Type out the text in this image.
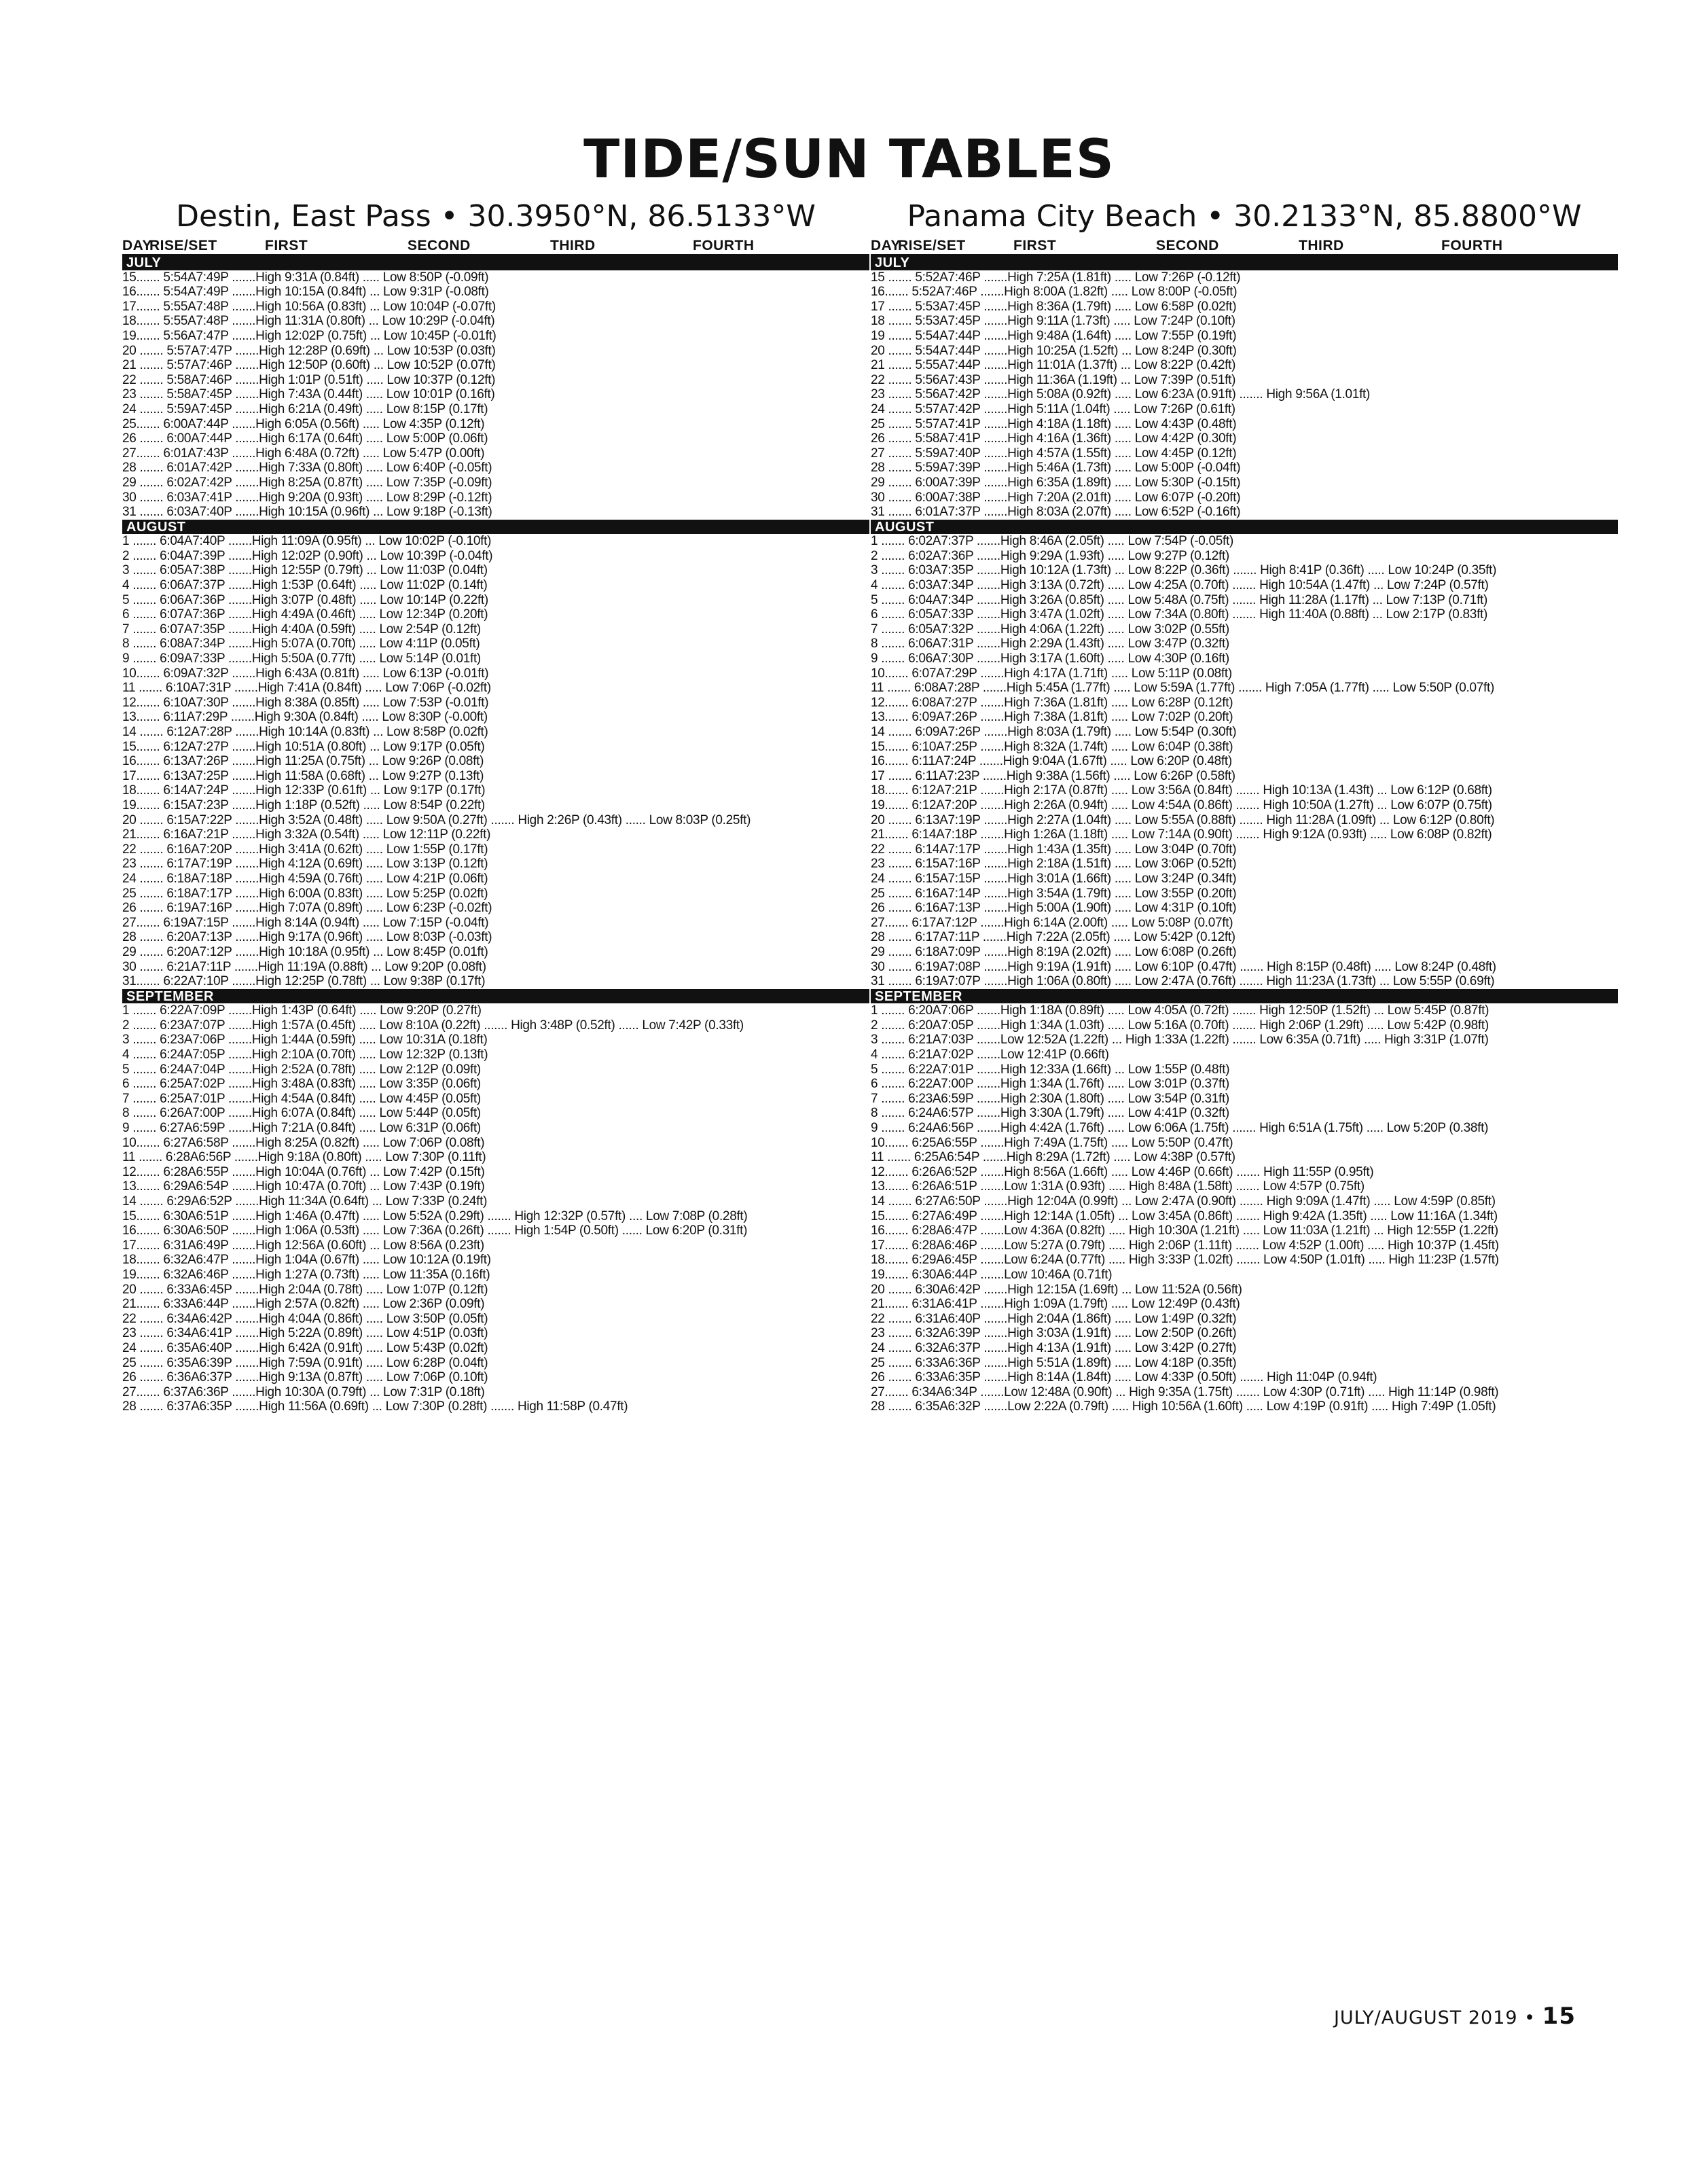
TIDE/SUN TABLES
Destin, East Pass • 30.3950°N, 86.5133°W
DAY
RISE/SET	FIRST	SECOND	THIRD	FOURTH
JULY
15....... 5:54A7:49P .......High 9:31A (0.84ft) ..... Low 8:50P (-0.09ft)
16....... 5:54A7:49P .......High 10:15A (0.84ft) ... Low 9:31P (-0.08ft)
17....... 5:55A7:48P .......High 10:56A (0.83ft) ... Low 10:04P (-0.07ft)
18....... 5:55A7:48P .......High 11:31A (0.80ft) ... Low 10:29P (-0.04ft)
19....... 5:56A7:47P .......High 12:02P (0.75ft) ... Low 10:45P (-0.01ft)
20 ....... 5:57A7:47P .......High 12:28P (0.69ft) ... Low 10:53P (0.03ft)
21 ....... 5:57A7:46P .......High 12:50P (0.60ft) ... Low 10:52P (0.07ft)
22 ....... 5:58A7:46P .......High 1:01P (0.51ft) ..... Low 10:37P (0.12ft)
23 ....... 5:58A7:45P .......High 7:43A (0.44ft) ..... Low 10:01P (0.16ft)
24 ....... 5:59A7:45P .......High 6:21A (0.49ft) ..... Low 8:15P (0.17ft)
25....... 6:00A7:44P .......High 6:05A (0.56ft) ..... Low 4:35P (0.12ft)
26 ....... 6:00A7:44P .......High 6:17A (0.64ft) ..... Low 5:00P (0.06ft)
27....... 6:01A7:43P .......High 6:48A (0.72ft) ..... Low 5:47P (0.00ft)
28 ....... 6:01A7:42P .......High 7:33A (0.80ft) ..... Low 6:40P (-0.05ft)
29 ....... 6:02A7:42P .......High 8:25A (0.87ft) ..... Low 7:35P (-0.09ft)
30 ....... 6:03A7:41P .......High 9:20A (0.93ft) ..... Low 8:29P (-0.12ft)
31 ....... 6:03A7:40P .......High 10:15A (0.96ft) ... Low 9:18P (-0.13ft)
AUGUST
1 ....... 6:04A7:40P .......High 11:09A (0.95ft) ... Low 10:02P (-0.10ft)
2 ....... 6:04A7:39P .......High 12:02P (0.90ft) ... Low 10:39P (-0.04ft)
3 ....... 6:05A7:38P .......High 12:55P (0.79ft) ... Low 11:03P (0.04ft)
4 ....... 6:06A7:37P .......High 1:53P (0.64ft) ..... Low 11:02P (0.14ft)
5 ....... 6:06A7:36P .......High 3:07P (0.48ft) ..... Low 10:14P (0.22ft)
6 ....... 6:07A7:36P .......High 4:49A (0.46ft) ..... Low 12:34P (0.20ft)
7 ....... 6:07A7:35P .......High 4:40A (0.59ft) ..... Low 2:54P (0.12ft)
8 ....... 6:08A7:34P .......High 5:07A (0.70ft) ..... Low 4:11P (0.05ft)
9 ....... 6:09A7:33P .......High 5:50A (0.77ft) ..... Low 5:14P (0.01ft)
10....... 6:09A7:32P .......High 6:43A (0.81ft) ..... Low 6:13P (-0.01ft)
11 ....... 6:10A7:31P .......High 7:41A (0.84ft) ..... Low 7:06P (-0.02ft)
12....... 6:10A7:30P .......High 8:38A (0.85ft) ..... Low 7:53P (-0.01ft)
13....... 6:11A7:29P .......High 9:30A (0.84ft) ..... Low 8:30P (-0.00ft)
14 ....... 6:12A7:28P .......High 10:14A (0.83ft) ... Low 8:58P (0.02ft)
15....... 6:12A7:27P .......High 10:51A (0.80ft) ... Low 9:17P (0.05ft)
16....... 6:13A7:26P .......High 11:25A (0.75ft) ... Low 9:26P (0.08ft)
17....... 6:13A7:25P .......High 11:58A (0.68ft) ... Low 9:27P (0.13ft)
18....... 6:14A7:24P .......High 12:33P (0.61ft) ... Low 9:17P (0.17ft)
19....... 6:15A7:23P .......High 1:18P (0.52ft) ..... Low 8:54P (0.22ft)
20 ....... 6:15A7:22P .......High 3:52A (0.48ft) ..... Low 9:50A (0.27ft) ....... High 2:26P (0.43ft) ...... Low 8:03P (0.25ft)
21....... 6:16A7:21P .......High 3:32A (0.54ft) ..... Low 12:11P (0.22ft)
22 ....... 6:16A7:20P .......High 3:41A (0.62ft) ..... Low 1:55P (0.17ft)
23 ....... 6:17A7:19P .......High 4:12A (0.69ft) ..... Low 3:13P (0.12ft)
24 ....... 6:18A7:18P .......High 4:59A (0.76ft) ..... Low 4:21P (0.06ft)
25 ....... 6:18A7:17P .......High 6:00A (0.83ft) ..... Low 5:25P (0.02ft)
26 ....... 6:19A7:16P .......High 7:07A (0.89ft) ..... Low 6:23P (-0.02ft)
27....... 6:19A7:15P .......High 8:14A (0.94ft) ..... Low 7:15P (-0.04ft)
28 ....... 6:20A7:13P .......High 9:17A (0.96ft) ..... Low 8:03P (-0.03ft)
29 ....... 6:20A7:12P .......High 10:18A (0.95ft) ... Low 8:45P (0.01ft)
30 ....... 6:21A7:11P .......High 11:19A (0.88ft) ... Low 9:20P (0.08ft)
31....... 6:22A7:10P .......High 12:25P (0.78ft) ... Low 9:38P (0.17ft)
SEPTEMBER
1 ....... 6:22A7:09P .......High 1:43P (0.64ft) ..... Low 9:20P (0.27ft)
2 ....... 6:23A7:07P .......High 1:57A (0.45ft) ..... Low 8:10A (0.22ft) ....... High 3:48P (0.52ft) ...... Low 7:42P (0.33ft)
3 ....... 6:23A7:06P .......High 1:44A (0.59ft) ..... Low 10:31A (0.18ft)
4 ....... 6:24A7:05P .......High 2:10A (0.70ft) ..... Low 12:32P (0.13ft)
5 ....... 6:24A7:04P .......High 2:52A (0.78ft) ..... Low 2:12P (0.09ft)
6 ....... 6:25A7:02P .......High 3:48A (0.83ft) ..... Low 3:35P (0.06ft)
7 ....... 6:25A7:01P .......High 4:54A (0.84ft) ..... Low 4:45P (0.05ft)
8 ....... 6:26A7:00P .......High 6:07A (0.84ft) ..... Low 5:44P (0.05ft)
9 ....... 6:27A6:59P .......High 7:21A (0.84ft) ..... Low 6:31P (0.06ft)
10....... 6:27A6:58P .......High 8:25A (0.82ft) ..... Low 7:06P (0.08ft)
11 ....... 6:28A6:56P .......High 9:18A (0.80ft) ..... Low 7:30P (0.11ft)
12....... 6:28A6:55P .......High 10:04A (0.76ft) ... Low 7:42P (0.15ft)
13....... 6:29A6:54P .......High 10:47A (0.70ft) ... Low 7:43P (0.19ft)
14 ....... 6:29A6:52P .......High 11:34A (0.64ft) ... Low 7:33P (0.24ft)
15....... 6:30A6:51P .......High 1:46A (0.47ft) ..... Low 5:52A (0.29ft) ....... High 12:32P (0.57ft) .... Low 7:08P (0.28ft)
16....... 6:30A6:50P .......High 1:06A (0.53ft) ..... Low 7:36A (0.26ft) ....... High 1:54P (0.50ft) ...... Low 6:20P (0.31ft)
17....... 6:31A6:49P .......High 12:56A (0.60ft) ... Low 8:56A (0.23ft)
18....... 6:32A6:47P .......High 1:04A (0.67ft) ..... Low 10:12A (0.19ft)
19....... 6:32A6:46P .......High 1:27A (0.73ft) ..... Low 11:35A (0.16ft)
20 ....... 6:33A6:45P .......High 2:04A (0.78ft) ..... Low 1:07P (0.12ft)
21....... 6:33A6:44P .......High 2:57A (0.82ft) ..... Low 2:36P (0.09ft)
22 ....... 6:34A6:42P .......High 4:04A (0.86ft) ..... Low 3:50P (0.05ft)
23 ....... 6:34A6:41P .......High 5:22A (0.89ft) ..... Low 4:51P (0.03ft)
24 ....... 6:35A6:40P .......High 6:42A (0.91ft) ..... Low 5:43P (0.02ft)
25 ....... 6:35A6:39P .......High 7:59A (0.91ft) ..... Low 6:28P (0.04ft)
26 ....... 6:36A6:37P .......High 9:13A (0.87ft) ..... Low 7:06P (0.10ft)
27....... 6:37A6:36P .......High 10:30A (0.79ft) ... Low 7:31P (0.18ft)
28 ....... 6:37A6:35P .......High 11:56A (0.69ft) ... Low 7:30P (0.28ft) ....... High 11:58P (0.47ft)
Panama City Beach • 30.2133°N, 85.8800°W
DAY
RISE/SET	FIRST	SECOND	THIRD	FOURTH
JULY
15 ....... 5:52A7:46P .......High 7:25A (1.81ft) ..... Low 7:26P (-0.12ft)
16....... 5:52A7:46P .......High 8:00A (1.82ft) ..... Low 8:00P (-0.05ft)
17 ....... 5:53A7:45P .......High 8:36A (1.79ft) ..... Low 6:58P (0.02ft)
18 ....... 5:53A7:45P .......High 9:11A (1.73ft) ..... Low 7:24P (0.10ft)
19 ....... 5:54A7:44P .......High 9:48A (1.64ft) ..... Low 7:55P (0.19ft)
20 ....... 5:54A7:44P .......High 10:25A (1.52ft) ... Low 8:24P (0.30ft)
21 ....... 5:55A7:44P .......High 11:01A (1.37ft) ... Low 8:22P (0.42ft)
22 ....... 5:56A7:43P .......High 11:36A (1.19ft) ... Low 7:39P (0.51ft)
23 ....... 5:56A7:42P .......High 5:08A (0.92ft) ..... Low 6:23A (0.91ft) ....... High 9:56A (1.01ft)
24 ....... 5:57A7:42P .......High 5:11A (1.04ft) ..... Low 7:26P (0.61ft)
25 ....... 5:57A7:41P .......High 4:18A (1.18ft) ..... Low 4:43P (0.48ft)
26 ....... 5:58A7:41P .......High 4:16A (1.36ft) ..... Low 4:42P (0.30ft)
27 ....... 5:59A7:40P .......High 4:57A (1.55ft) ..... Low 4:45P (0.12ft)
28 ....... 5:59A7:39P .......High 5:46A (1.73ft) ..... Low 5:00P (-0.04ft)
29 ....... 6:00A7:39P .......High 6:35A (1.89ft) ..... Low 5:30P (-0.15ft)
30 ....... 6:00A7:38P .......High 7:20A (2.01ft) ..... Low 6:07P (-0.20ft)
31 ....... 6:01A7:37P .......High 8:03A (2.07ft) ..... Low 6:52P (-0.16ft)
AUGUST
1 ....... 6:02A7:37P .......High 8:46A (2.05ft) ..... Low 7:54P (-0.05ft)
2 ....... 6:02A7:36P .......High 9:29A (1.93ft) ..... Low 9:27P (0.12ft)
3 ....... 6:03A7:35P .......High 10:12A (1.73ft) ... Low 8:22P (0.36ft) ....... High 8:41P (0.36ft) ..... Low 10:24P (0.35ft)
4 ....... 6:03A7:34P .......High 3:13A (0.72ft) ..... Low 4:25A (0.70ft) ....... High 10:54A (1.47ft) ... Low 7:24P (0.57ft)
5 ....... 6:04A7:34P .......High 3:26A (0.85ft) ..... Low 5:48A (0.75ft) ....... High 11:28A (1.17ft) ... Low 7:13P (0.71ft)
6 ....... 6:05A7:33P .......High 3:47A (1.02ft) ..... Low 7:34A (0.80ft) ....... High 11:40A (0.88ft) ... Low 2:17P (0.83ft)
7 ....... 6:05A7:32P .......High 4:06A (1.22ft) ..... Low 3:02P (0.55ft)
8 ....... 6:06A7:31P .......High 2:29A (1.43ft) ..... Low 3:47P (0.32ft)
9 ....... 6:06A7:30P .......High 3:17A (1.60ft) ..... Low 4:30P (0.16ft)
10....... 6:07A7:29P .......High 4:17A (1.71ft) ..... Low 5:11P (0.08ft)
11 ....... 6:08A7:28P .......High 5:45A (1.77ft) ..... Low 5:59A (1.77ft) ....... High 7:05A (1.77ft) ..... Low 5:50P (0.07ft)
12....... 6:08A7:27P .......High 7:36A (1.81ft) ..... Low 6:28P (0.12ft)
13....... 6:09A7:26P .......High 7:38A (1.81ft) ..... Low 7:02P (0.20ft)
14 ....... 6:09A7:26P .......High 8:03A (1.79ft) ..... Low 5:54P (0.30ft)
15....... 6:10A7:25P .......High 8:32A (1.74ft) ..... Low 6:04P (0.38ft)
16....... 6:11A7:24P .......High 9:04A (1.67ft) ..... Low 6:20P (0.48ft)
17 ....... 6:11A7:23P .......High 9:38A (1.56ft) ..... Low 6:26P (0.58ft)
18....... 6:12A7:21P .......High 2:17A (0.87ft) ..... Low 3:56A (0.84ft) ....... High 10:13A (1.43ft) ... Low 6:12P (0.68ft)
19....... 6:12A7:20P .......High 2:26A (0.94ft) ..... Low 4:54A (0.86ft) ....... High 10:50A (1.27ft) ... Low 6:07P (0.75ft)
20 ....... 6:13A7:19P .......High 2:27A (1.04ft) ..... Low 5:55A (0.88ft) ....... High 11:28A (1.09ft) ... Low 6:12P (0.80ft)
21....... 6:14A7:18P .......High 1:26A (1.18ft) ..... Low 7:14A (0.90ft) ....... High 9:12A (0.93ft) ..... Low 6:08P (0.82ft)
22 ....... 6:14A7:17P .......High 1:43A (1.35ft) ..... Low 3:04P (0.70ft)
23 ....... 6:15A7:16P .......High 2:18A (1.51ft) ..... Low 3:06P (0.52ft)
24 ....... 6:15A7:15P .......High 3:01A (1.66ft) ..... Low 3:24P (0.34ft)
25 ....... 6:16A7:14P .......High 3:54A (1.79ft) ..... Low 3:55P (0.20ft)
26 ....... 6:16A7:13P .......High 5:00A (1.90ft) ..... Low 4:31P (0.10ft)
27....... 6:17A7:12P .......High 6:14A (2.00ft) ..... Low 5:08P (0.07ft)
28 ....... 6:17A7:11P .......High 7:22A (2.05ft) ..... Low 5:42P (0.12ft)
29 ....... 6:18A7:09P .......High 8:19A (2.02ft) ..... Low 6:08P (0.26ft)
30 ....... 6:19A7:08P .......High 9:19A (1.91ft) ..... Low 6:10P (0.47ft) ....... High 8:15P (0.48ft) ..... Low 8:24P (0.48ft)
31 ....... 6:19A7:07P .......High 1:06A (0.80ft) ..... Low 2:47A (0.76ft) ....... High 11:23A (1.73ft) ... Low 5:55P (0.69ft)
SEPTEMBER
1 ....... 6:20A7:06P .......High 1:18A (0.89ft) ..... Low 4:05A (0.72ft) ....... High 12:50P (1.52ft) ... Low 5:45P (0.87ft)
2 ....... 6:20A7:05P .......High 1:34A (1.03ft) ..... Low 5:16A (0.70ft) ....... High 2:06P (1.29ft) ..... Low 5:42P (0.98ft)
3 ....... 6:21A7:03P .......Low 12:52A (1.22ft) ... High 1:33A (1.22ft) ....... Low 6:35A (0.71ft) ..... High 3:31P (1.07ft)
4 ....... 6:21A7:02P .......Low 12:41P (0.66ft)
5 ....... 6:22A7:01P .......High 12:33A (1.66ft) ... Low 1:55P (0.48ft)
6 ....... 6:22A7:00P .......High 1:34A (1.76ft) ..... Low 3:01P (0.37ft)
7 ....... 6:23A6:59P .......High 2:30A (1.80ft) ..... Low 3:54P (0.31ft)
8 ....... 6:24A6:57P .......High 3:30A (1.79ft) ..... Low 4:41P (0.32ft)
9 ....... 6:24A6:56P .......High 4:42A (1.76ft) ..... Low 6:06A (1.75ft) ....... High 6:51A (1.75ft) ..... Low 5:20P (0.38ft)
10....... 6:25A6:55P .......High 7:49A (1.75ft) ..... Low 5:50P (0.47ft)
11 ....... 6:25A6:54P .......High 8:29A (1.72ft) ..... Low 4:38P (0.57ft)
12....... 6:26A6:52P .......High 8:56A (1.66ft) ..... Low 4:46P (0.66ft) ....... High 11:55P (0.95ft)
13....... 6:26A6:51P .......Low 1:31A (0.93ft) ..... High 8:48A (1.58ft) ....... Low 4:57P (0.75ft)
14 ....... 6:27A6:50P .......High 12:04A (0.99ft) ... Low 2:47A (0.90ft) ....... High 9:09A (1.47ft) ..... Low 4:59P (0.85ft)
15....... 6:27A6:49P .......High 12:14A (1.05ft) ... Low 3:45A (0.86ft) ....... High 9:42A (1.35ft) ..... Low 11:16A (1.34ft)
16....... 6:28A6:47P .......Low 4:36A (0.82ft) ..... High 10:30A (1.21ft) ..... Low 11:03A (1.21ft) ... High 12:55P (1.22ft)
17....... 6:28A6:46P .......Low 5:27A (0.79ft) ..... High 2:06P (1.11ft) ....... Low 4:52P (1.00ft) ..... High 10:37P (1.45ft)
18....... 6:29A6:45P .......Low 6:24A (0.77ft) ..... High 3:33P (1.02ft) ....... Low 4:50P (1.01ft) ..... High 11:23P (1.57ft)
19....... 6:30A6:44P .......Low 10:46A (0.71ft)
20 ....... 6:30A6:42P .......High 12:15A (1.69ft) ... Low 11:52A (0.56ft)
21....... 6:31A6:41P .......High 1:09A (1.79ft) ..... Low 12:49P (0.43ft)
22 ....... 6:31A6:40P .......High 2:04A (1.86ft) ..... Low 1:49P (0.32ft)
23 ....... 6:32A6:39P .......High 3:03A (1.91ft) ..... Low 2:50P (0.26ft)
24 ....... 6:32A6:37P .......High 4:13A (1.91ft) ..... Low 3:42P (0.27ft)
25 ....... 6:33A6:36P .......High 5:51A (1.89ft) ..... Low 4:18P (0.35ft)
26 ....... 6:33A6:35P .......High 8:14A (1.84ft) ..... Low 4:33P (0.50ft) ....... High 11:04P (0.94ft)
27....... 6:34A6:34P .......Low 12:48A (0.90ft) ... High 9:35A (1.75ft) ....... Low 4:30P (0.71ft) ..... High 11:14P (0.98ft)
28 ....... 6:35A6:32P .......Low 2:22A (0.79ft) ..... High 10:56A (1.60ft) ..... Low 4:19P (0.91ft) ..... High 7:49P (1.05ft)
JULY/AUGUST 2019 • 15
